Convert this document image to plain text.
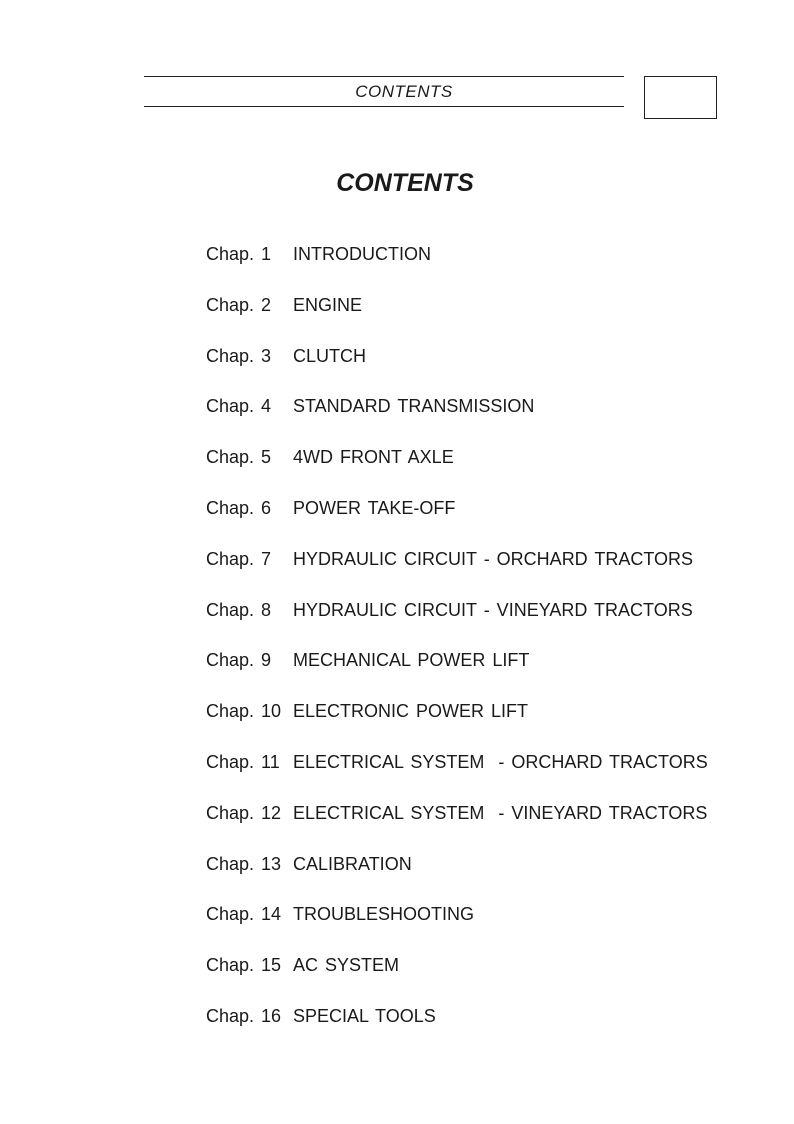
CONTENTS
CONTENTS
Chap. 1 INTRODUCTION
Chap. 2 ENGINE
Chap. 3 CLUTCH
Chap. 4 STANDARD TRANSMISSION
Chap. 5 4WD FRONT AXLE
Chap. 6 POWER TAKE-OFF
Chap. 7 HYDRAULIC CIRCUIT - ORCHARD TRACTORS
Chap. 8 HYDRAULIC CIRCUIT - VINEYARD TRACTORS
Chap. 9 MECHANICAL POWER LIFT
Chap. 10 ELECTRONIC POWER LIFT
Chap. 11 ELECTRICAL SYSTEM  - ORCHARD TRACTORS
Chap. 12 ELECTRICAL SYSTEM  - VINEYARD TRACTORS
Chap. 13 CALIBRATION
Chap. 14 TROUBLESHOOTING
Chap. 15 AC SYSTEM
Chap. 16 SPECIAL TOOLS
